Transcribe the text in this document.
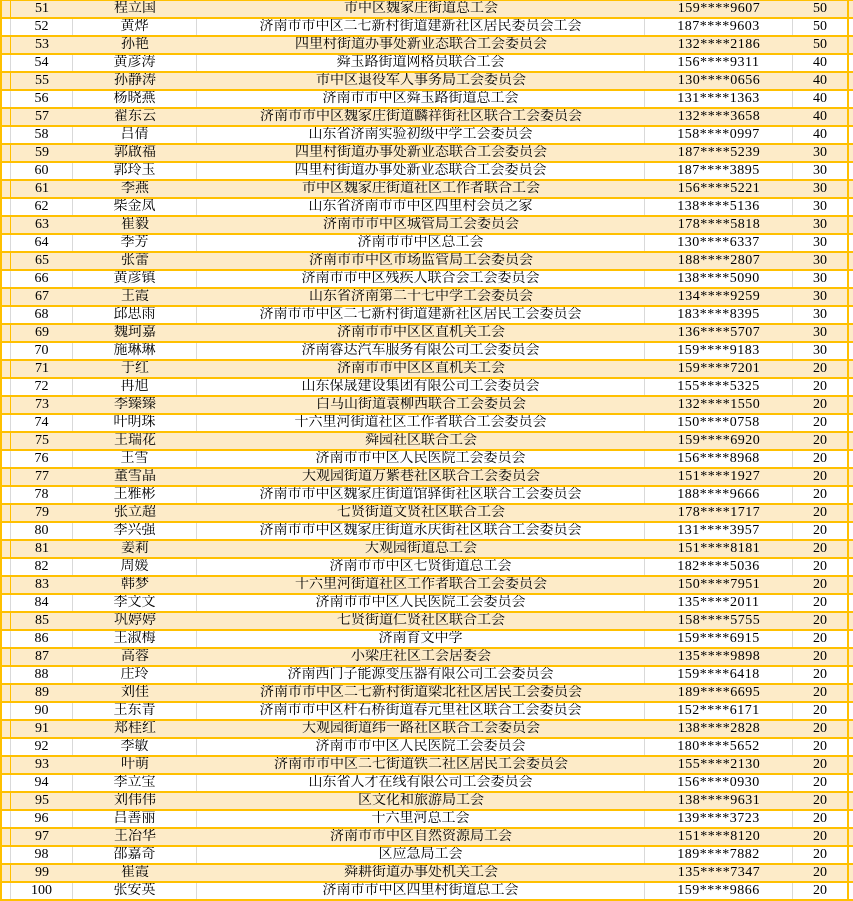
51	程立国	市中区魏家庄街道总工会	159****9607	50
52	黄烨	济南市市中区二七新村街道建新社区居民委员会工会	187****9603	50
53	孙艳	四里村街道办事处新业态联合工会委员会	132****2186	50
54	黄彦涛	舜玉路街道网格员联合工会	156****9311	40
55	孙静涛	市中区退役军人事务局工会委员会	130****0656	40
56	杨晓燕	济南市市中区舜玉路街道总工会	131****1363	40
57	翟东云	济南市市中区魏家庄街道麟祥街社区联合工会委员会	132****3658	40
58	吕倩	山东省济南实验初级中学工会委员会	158****0997	40
59	郭啟福	四里村街道办事处新业态联合工会委员会	187****5239	30
60	郭玲玉	四里村街道办事处新业态联合工会委员会	187****3895	30
61	李燕	市中区魏家庄街道社区工作者联合工会	156****5221	30
62	柴金凤	山东省济南市市中区四里村会员之家	138****5136	30
63	崔毅	济南市市中区城管局工会委员会	178****5818	30
64	季芳	济南市市中区总工会	130****6337	30
65	张蕾	济南市市中区市场监管局工会委员会	188****2807	30
66	黄彦镇	济南市市中区残疾人联合会工会委员会	138****5090	30
67	王霞	山东省济南第二十七中学工会委员会	134****9259	30
68	邱思雨	济南市市中区二七新村街道建新社区居民工会委员会	183****8395	30
69	魏珂嘉	济南市市中区区直机关工会	136****5707	30
70	施琳琳	济南睿达汽车服务有限公司工会委员会	159****9183	30
71	于红	济南市市中区区直机关工会	159****7201	20
72	冉旭	山东保晟建设集团有限公司工会委员会	155****5325	20
73	李臻臻	白马山街道袁柳西联合工会委员会	132****1550	20
74	叶明珠	十六里河街道社区工作者联合工会委员会	150****0758	20
75	王瑞花	舜园社区联合工会	159****6920	20
76	王雪	济南市市中区人民医院工会委员会	156****8968	20
77	董雪晶	大观园街道万紫巷社区联合工会委员会	151****1927	20
78	王雅彬	济南市市中区魏家庄街道馆驿街社区联合工会委员会	188****9666	20
79	张立超	七贤街道文贤社区联合工会	178****1717	20
80	李兴强	济南市市中区魏家庄街道永庆街社区联合工会委员会	131****3957	20
81	姜莉	大观园街道总工会	151****8181	20
82	周媛	济南市市中区七贤街道总工会	182****5036	20
83	韩梦	十六里河街道社区工作者联合工会委员会	150****7951	20
84	李文文	济南市市中区人民医院工会委员会	135****2011	20
85	巩婷婷	七贤街道仁贤社区联合工会	158****5755	20
86	王淑梅	济南育文中学	159****6915	20
87	高蓉	小梁庄社区工会居委会	135****9898	20
88	庄玲	济南西门子能源变压器有限公司工会委员会	159****6418	20
89	刘佳	济南市市中区二七新村街道梁北社区居民工会委员会	189****6695	20
90	王东青	济南市市中区杆石桥街道春元里社区联合工会委员会	152****6171	20
91	郑桂红	大观园街道纬一路社区联合工会委员会	138****2828	20
92	李敏	济南市市中区人民医院工会委员会	180****5652	20
93	叶萌	济南市市中区二七街道铁二社区居民工会委员会	155****2130	20
94	李立宝	山东省人才在线有限公司工会委员会	156****0930	20
95	刘伟伟	区文化和旅游局工会	138****9631	20
96	吕善丽	十六里河总工会	139****3723	20
97	王冶华	济南市市中区自然资源局工会	151****8120	20
98	邵嘉奇	区应急局工会	189****7882	20
99	崔霞	舜耕街道办事处机关工会	135****7347	20
100	张安英	济南市市中区四里村街道总工会	159****9866	20
